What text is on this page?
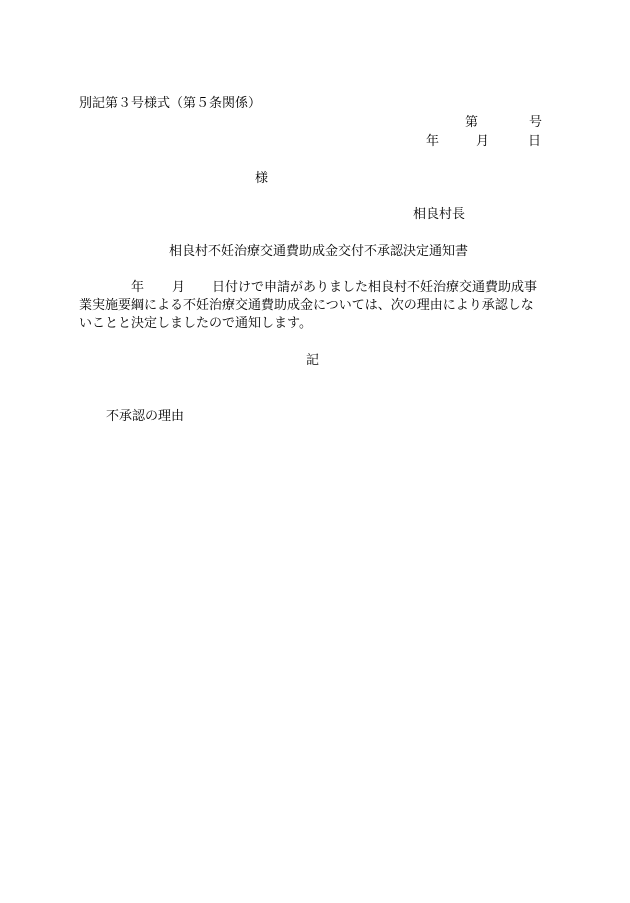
別記第３号様式（第５条関係）
第	号
年	月	日
様
相良村長
相良村不妊治療交通費助成金交付不承認決定通知書
年 月 日付けで申請がありました相良村不妊治療交通費助成事
業実施要綱による不妊治療交通費助成金については、次の理由により承認しな
いことと決定しましたので通知します。
記
不承認の理由
